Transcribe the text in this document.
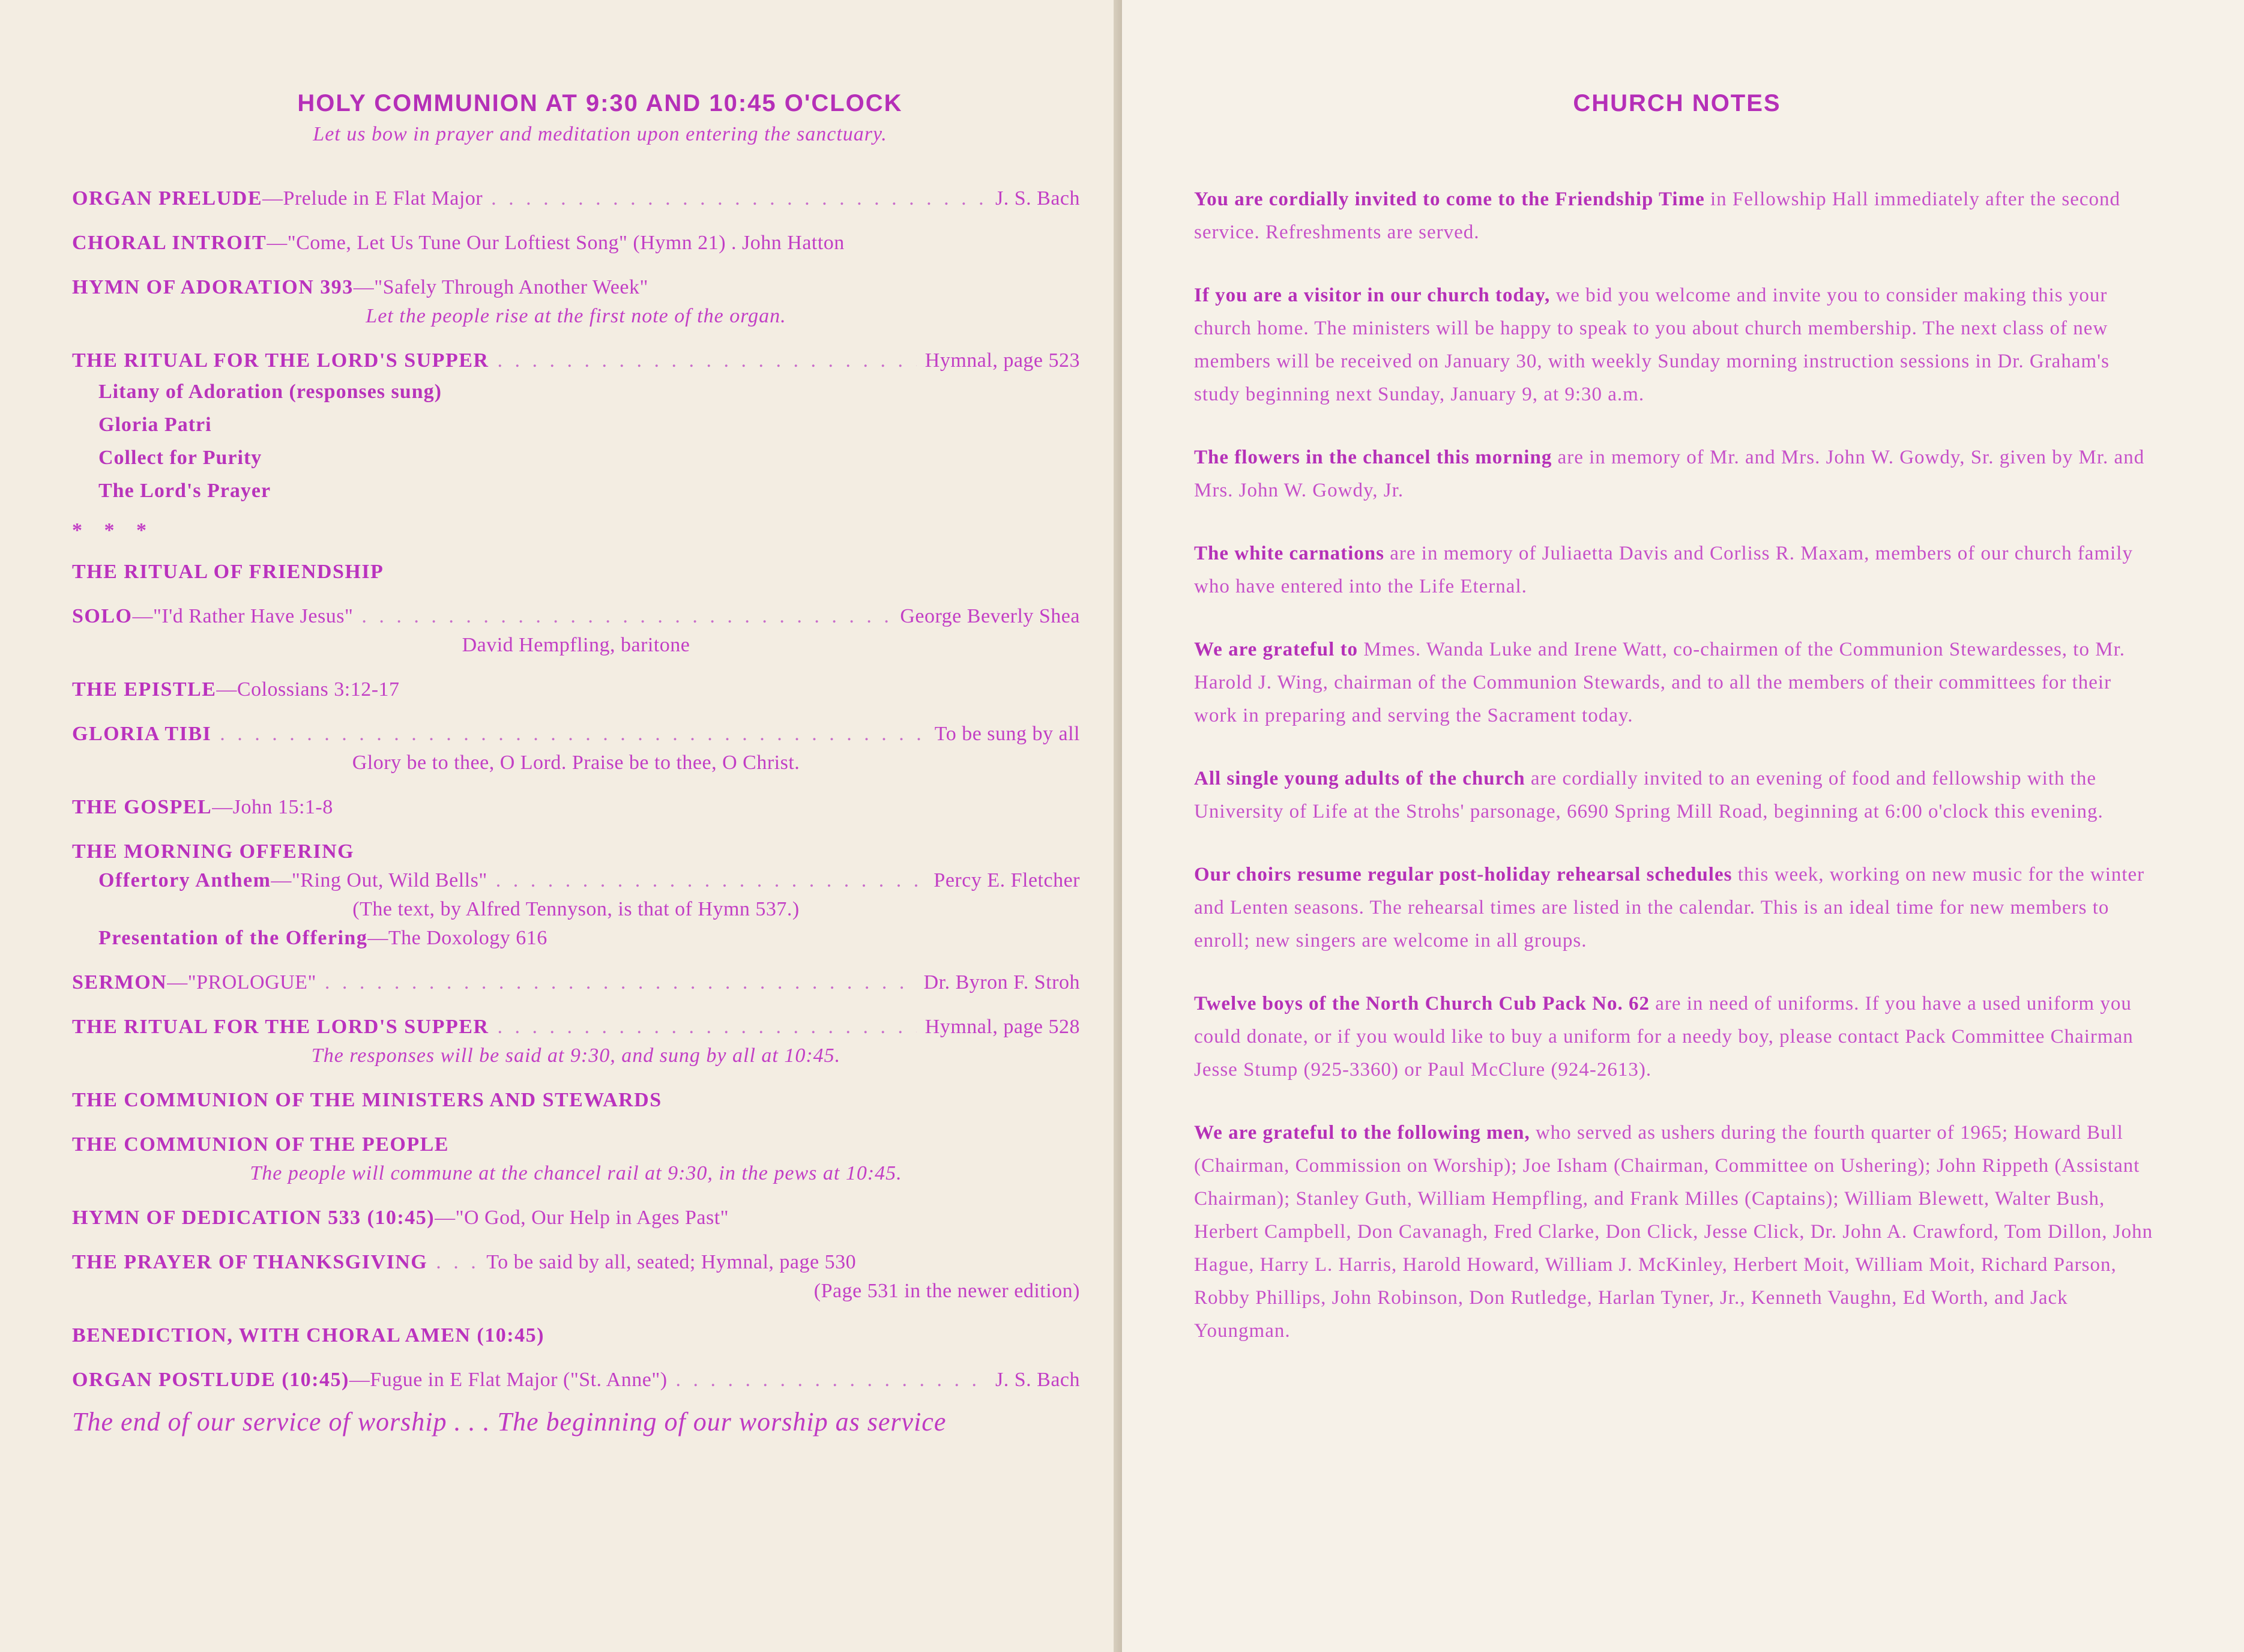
HOLY COMMUNION AT 9:30 AND 10:45 O'CLOCK

Let us bow in prayer and meditation upon entering the sanctuary.

ORGAN PRELUDE —Prelude in E Flat Major . . .	J. S. Bach
CHORAL INTROIT —"Come, Let Us Tune Our Loftiest Song" (Hymn 21) . John Hatton
HYMN OF ADORATION 393 —"Safely Through Another Week"
Let the people rise at the first note of the organ.
THE RITUAL FOR THE LORD'S SUPPER . . .	Hymnal, page 523
Litany of Adoration (responses sung)
Gloria Patri
Collect for Purity
The Lord's Prayer
* * *
THE RITUAL OF FRIENDSHIP
SOLO —"I'd Rather Have Jesus" . . .	George Beverly Shea
David Hempfling, baritone
THE EPISTLE —Colossians 3:12-17
GLORIA TIBI . . .	To be sung by all
Glory be to thee, O Lord. Praise be to thee, O Christ.
THE GOSPEL —John 15:1-8
THE MORNING OFFERING
Offertory Anthem —"Ring Out, Wild Bells" . . .	Percy E. Fletcher
(The text, by Alfred Tennyson, is that of Hymn 537.)
Presentation of the Offering —The Doxology 616
SERMON —"PROLOGUE" . . .	Dr. Byron F. Stroh
THE RITUAL FOR THE LORD'S SUPPER . . .	Hymnal, page 528
The responses will be said at 9:30, and sung by all at 10:45.
THE COMMUNION OF THE MINISTERS AND STEWARDS
THE COMMUNION OF THE PEOPLE
The people will commune at the chancel rail at 9:30, in the pews at 10:45.
HYMN OF DEDICATION 533 (10:45) —"O God, Our Help in Ages Past"
THE PRAYER OF THANKSGIVING . . .	To be said by all, seated; Hymnal, page 530
(Page 531 in the newer edition)
BENEDICTION, WITH CHORAL AMEN (10:45)
ORGAN POSTLUDE (10:45) —Fugue in E Flat Major ("St. Anne") . . .	J. S. Bach
The end of our service of worship . . . The beginning of our worship as service
CHURCH NOTES

You are cordially invited to come to the Friendship Time in Fellowship Hall immediately after the second service. Refreshments are served.

If you are a visitor in our church today, we bid you welcome and invite you to consider making this your church home. The ministers will be happy to speak to you about church membership. The next class of new members will be received on January 30, with weekly Sunday morning instruction sessions in Dr. Graham's study beginning next Sunday, January 9, at 9:30 a.m.

The flowers in the chancel this morning are in memory of Mr. and Mrs. John W. Gowdy, Sr. given by Mr. and Mrs. John W. Gowdy, Jr.

The white carnations are in memory of Juliaetta Davis and Corliss R. Maxam, members of our church family who have entered into the Life Eternal.

We are grateful to Mmes. Wanda Luke and Irene Watt, co-chairmen of the Communion Stewardesses, to Mr. Harold J. Wing, chairman of the Communion Stewards, and to all the members of their committees for their work in preparing and serving the Sacrament today.

All single young adults of the church are cordially invited to an evening of food and fellowship with the University of Life at the Strohs' parsonage, 6690 Spring Mill Road, beginning at 6:00 o'clock this evening.

Our choirs resume regular post-holiday rehearsal schedules this week, working on new music for the winter and Lenten seasons. The rehearsal times are listed in the calendar. This is an ideal time for new members to enroll; new singers are welcome in all groups.

Twelve boys of the North Church Cub Pack No. 62 are in need of uniforms. If you have a used uniform you could donate, or if you would like to buy a uniform for a needy boy, please contact Pack Committee Chairman Jesse Stump (925-3360) or Paul McClure (924-2613).

We are grateful to the following men, who served as ushers during the fourth quarter of 1965; Howard Bull (Chairman, Commission on Worship); Joe Isham (Chairman, Committee on Ushering); John Rippeth (Assistant Chairman); Stanley Guth, William Hempfling, and Frank Milles (Captains); William Blewett, Walter Bush, Herbert Campbell, Don Cavanagh, Fred Clarke, Don Click, Jesse Click, Dr. John A. Crawford, Tom Dillon, John Hague, Harry L. Harris, Harold Howard, William J. McKinley, Herbert Moit, William Moit, Richard Parson, Robby Phillips, John Robinson, Don Rutledge, Harlan Tyner, Jr., Kenneth Vaughn, Ed Worth, and Jack Youngman.
